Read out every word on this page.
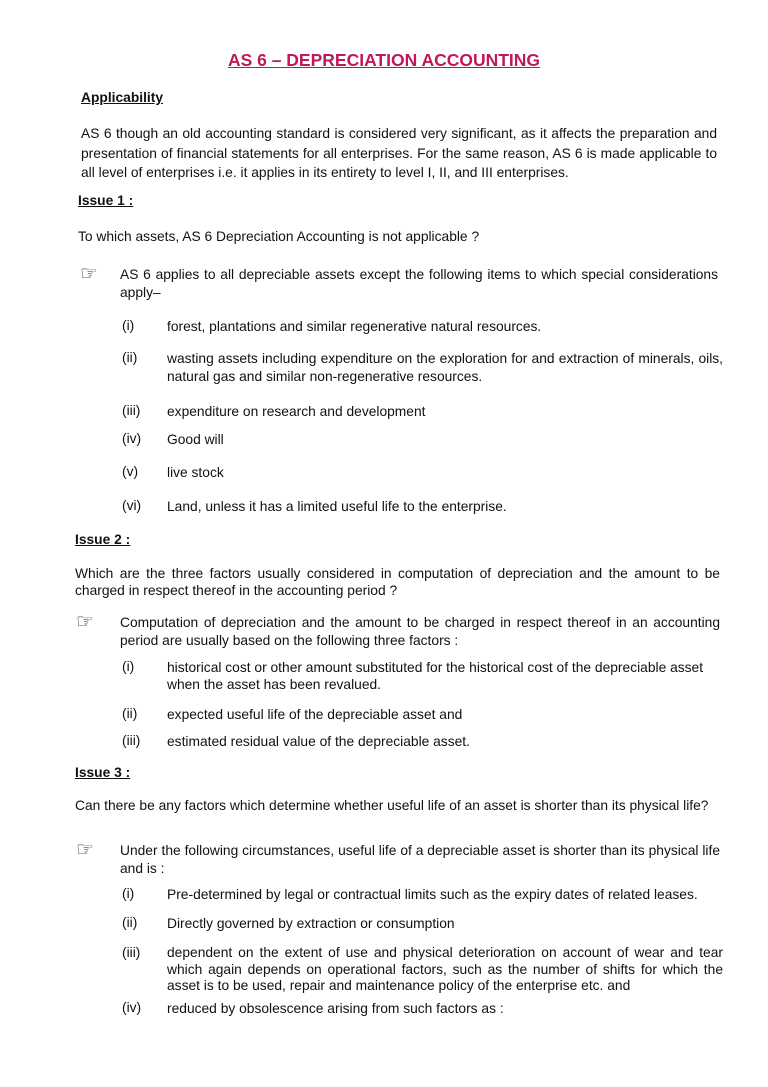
AS 6 – DEPRECIATION ACCOUNTING
Applicability
AS 6 though an old accounting standard is considered very significant, as it affects the preparation and presentation of financial statements for all enterprises. For the same reason, AS 6 is made applicable to all level of enterprises i.e. it applies in its entirety to level I, II, and III enterprises.
Issue 1 :
To which assets, AS 6 Depreciation Accounting is not applicable ?
☞ AS 6 applies to all depreciable assets except the following items to which special considerations apply–
(i) forest, plantations and similar regenerative natural resources.
(ii) wasting assets including expenditure on the exploration for and extraction of minerals, oils, natural gas and similar non-regenerative resources.
(iii) expenditure on research and development
(iv) Good will
(v) live stock
(vi) Land, unless it has a limited useful life to the enterprise.
Issue 2 :
Which are the three factors usually considered in computation of depreciation and the amount to be charged in respect thereof in the accounting period ?
☞ Computation of depreciation and the amount to be charged in respect thereof in an accounting period are usually based on the following three factors :
(i) historical cost or other amount substituted for the historical cost of the depreciable asset when the asset has been revalued.
(ii) expected useful life of the depreciable asset and
(iii) estimated residual value of the depreciable asset.
Issue 3 :
Can there be any factors which determine whether useful life of an asset is shorter than its physical life?
☞ Under the following circumstances, useful life of a depreciable asset is shorter than its physical life and is :
(i) Pre-determined by legal or contractual limits such as the expiry dates of related leases.
(ii) Directly governed by extraction or consumption
(iii) dependent on the extent of use and physical deterioration on account of wear and tear which again depends on operational factors, such as the number of shifts for which the asset is to be used, repair and maintenance policy of the enterprise etc. and
(iv) reduced by obsolescence arising from such factors as :
